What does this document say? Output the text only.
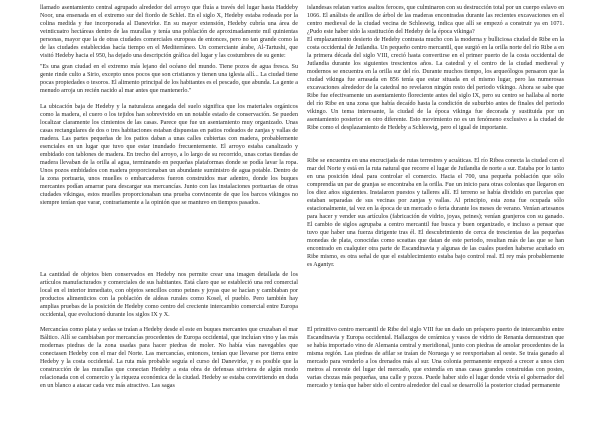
llamado asentamiento central agrupado alrededor del arroyo que fluía a través del lugar hasta Haddeby Noor, una ensenada en el extremo sur del fiordo de Schlei. En el siglo X, Hedeby estaba rodeada por la colina medida y fue incorporada al Danevirke. En su mayor extensión, Hedeby cubría una área de veinticuatro hectáreas dentro de las murallas y tenía una población de aproximadamente mil quinientas personas, mayor que la de otras ciudades comerciales europeas de entonces, pero no tan grande como la de las ciudades establecidas hacía tiempo en el Mediterráneo. Un comerciante árabe, Al-Tartushi, que visitó Hedeby hacia el 950, ha dejado una descripción gráfica del lugar y las costumbres de su gente:

"Es una gran ciudad en el extremo más lejano del océano del mundo. Tiene pozos de agua fresca. Su gente rinde culto a Sirio, excepto unos pocos que son cristianos y tienen una iglesia allí... La ciudad tiene pocas propiedades o tesoros. El alimento principal de los habitantes es el pescado, que abunda. La gente a menudo arroja un recién nacido al mar antes que mantenerlo."

La ubicación baja de Hedeby y la naturaleza anegada del suelo significa que los materiales orgánicos como la madera, el cuero o los tejidos han sobrevivido en un notable estado de conservación. Se pueden localizar claramente los cimientos de las casas. Parece que fue un asentamiento muy organizado. Unas casas rectangulares de dos o tres habitaciones estaban dispuestas en patios rodeados de zanjas y vallas de madera. Las partes pequeñas de los patios daban a unas calles cubiertas con madera, probablemente esenciales en un lugar que tuvo que estar inundado frecuentemente. El arroyo estaba canalizado y embidado con tablones de madera. En trecho del arroyo, a lo largo de su recorrido, unas cortas tiendas de madera llevaban de la orilla al agua, terminando en pequeñas plataformas donde se podía lavar la ropa. Unos pozos embidados con madera proporcionaban un abundante suministro de agua potable. Dentro de la zona portuaria, unos muelles o embarcaderos fueron construidos mar adentro, donde los buques mercantes podían amarrar para descargar sus mercancías. Junto con las instalaciones portuarias de otras ciudades vikingas, estos muelles proporcionaban una prueba convincente de que los barcos vikingos no siempre tenían que varar, contrariamente a la opinión que se mantuvo en tiempos pasados.

La cantidad de objetos bien conservados en Hedeby nos permite crear una imagen detallada de los artículos manufacturados y comerciales de sus habitantes. Está claro que se estableció una red comercial local en el interior inmediato, con objetos sencillos como peines y joyas que se hacían y cambiaban por productos alimenticios con la población de aldeas rurales como Kosel, el pueblo. Pero también hay amplias pruebas de la posición de Hedeby como centro del creciente intercambio comercial entre Europa occidental, que evolucionó durante los siglos IX y X.

Mercancías como plata y sedas se traían a Hedeby desde el este en buques mercantes que cruzaban el mar Báltico. Allí se cambiaban por mercancías procedentes de Europa occidental, que incluían vino y las más modernas piedras de la zona usadas para hacer piedras de moler. No había vías navegables que conectasen Hedeby con el mar del Norte. Las mercancías, entonces, tenían que llevarse por tierra entre Hedeby y la costa occidental. La ruta más probable seguía el curso del Danevirke, y es posible que la construcción de las murallas que conectan Hedeby a esta obra de defensas siriviera de algún modo relacionada con el comercio y la riqueza económica de la ciudad. Hedeby se estaba convirtiendo en duda en un blanco a atacar cada vez más atractivo. Las sagas

islandesas relatan varios asaltos feroces, que culminaron con su destrucción total por un cuerpo eslavo en 1066. El análisis de anillos de árbol de las maderas encontradas durante las recientes excavaciones en el centro medieval de la ciudad vecina de Schleswig, indica que allí se empezó a construir ya en 1071. ¿Pudo este haber sido la sustitución del Hedeby de la época vikinga?

El emplazamiento desierto de Hedeby contrasta mucho con la moderna y bulliciosa ciudad de Ribe en la costa occidental de Jutlandia. Un pequeño centro mercantil, que surgió en la orilla norte del río Ribe a en la primera década del siglo VIII, creció hasta convertirse en el primer puerto de la costa occidental de Jutlandia durante los siguientes trescientos años. La catedral y el centro de la ciudad medieval y modernos se encuentra en la orilla sur del río. Durante muchos tiempo, los arqueólogos pensaron que la ciudad vikinga fue arrasada en 856 tenía que estar situada en el mismo lugar, pero las numerosas excavaciones alrededor de la catedral no revelaron ningún resto del periodo vikingo. Ahora se sabe que Ribe fue efectivamente un asentamiento floreciente antes del siglo IX, pero su centro se hallaba al norte del río Ribe en una zona que había decaído hasta la condición de suburbio antes de finales del periodo vikingo. Un tema interesante, la ciudad de la época vikinga fue decorada y sustituida por un asentamiento posterior en otro diferente. Esto movimiento no es un fenómeno exclusivo a la ciudad de Ribe como el desplazamiento de Hedeby a Schleswig, pero el igual de importante.

Ribe se encuentra en una encrucijada de rutas terrestres y acuáticas. El río Ribea conecta la ciudad con el mar del Norte y está en la ruta natural que recorre el lugar de Jutlandia de norte a sur. Estaba por lo tanto en una posición ideal para controlar el comercio. Hacia el 700, una pequeña población que sólo comprendía un par de granjas se encontraba en la orilla. Fue un inicio para otras colonias que llegaron en los diez años siguientes. Instalaron puestos y talleres allí. El terreno se había dividido en parcelas que estaban separadas de sus vecinas por zanjas y vallas. Al principio, esta zona fue ocupada sólo estacionalmente, tal vez en la época de un mercado o feria durante los meses de verano. Venían artesanos para hacer y vender sus artículos (fabricación de vidrio, joyas, peines); venían granjeros con su ganado. El cambio de siglos agrupaba a centro mercantil fue busca y buen organizado, e incluso a pensar que tuvo que haber una fuerza dirigente tras él. El descubrimiento de cerca de trescientas de las pequeñas monedas de plata, conocidas como sceattas que datan de este periodo, resultan más de las que se han encontrado en cualquier otra parte de Escandinavia y algunas de las cuales pueden haberse acuñado en Ribe mismo, es otra señal de que el establecimiento estaba bajo control real. El rey más probablemente es Agantyr.

El primitivo centro mercantil de Ribe del siglo VIII fue un dado un próspero puerto de intercambio entre Escandinavia y Europa occidental. Hallazgos de cerámica y vasos de vidrio de Renania demuestran que se había importado vino de Alemania central y meridional, junto con piedras de amolar procedentes de la misma región. Las piedras de afilar se traían de Noruega y se reexportaban al oeste. Se traía ganado al mercado para venderlo a los drenados más al sur. Una colonia permanente empezó a crecer a unos cien metros al noreste del lugar del mercado, que extendía en unas casas grandes construidas con postes, varias chozas más pequeñas, una calle y pozos. Puede haber sido el lugar donde vivía el gobernador del mercado y tenía que haber sido el centro alrededor del cual se desarrolló la posterior ciudad permanente
